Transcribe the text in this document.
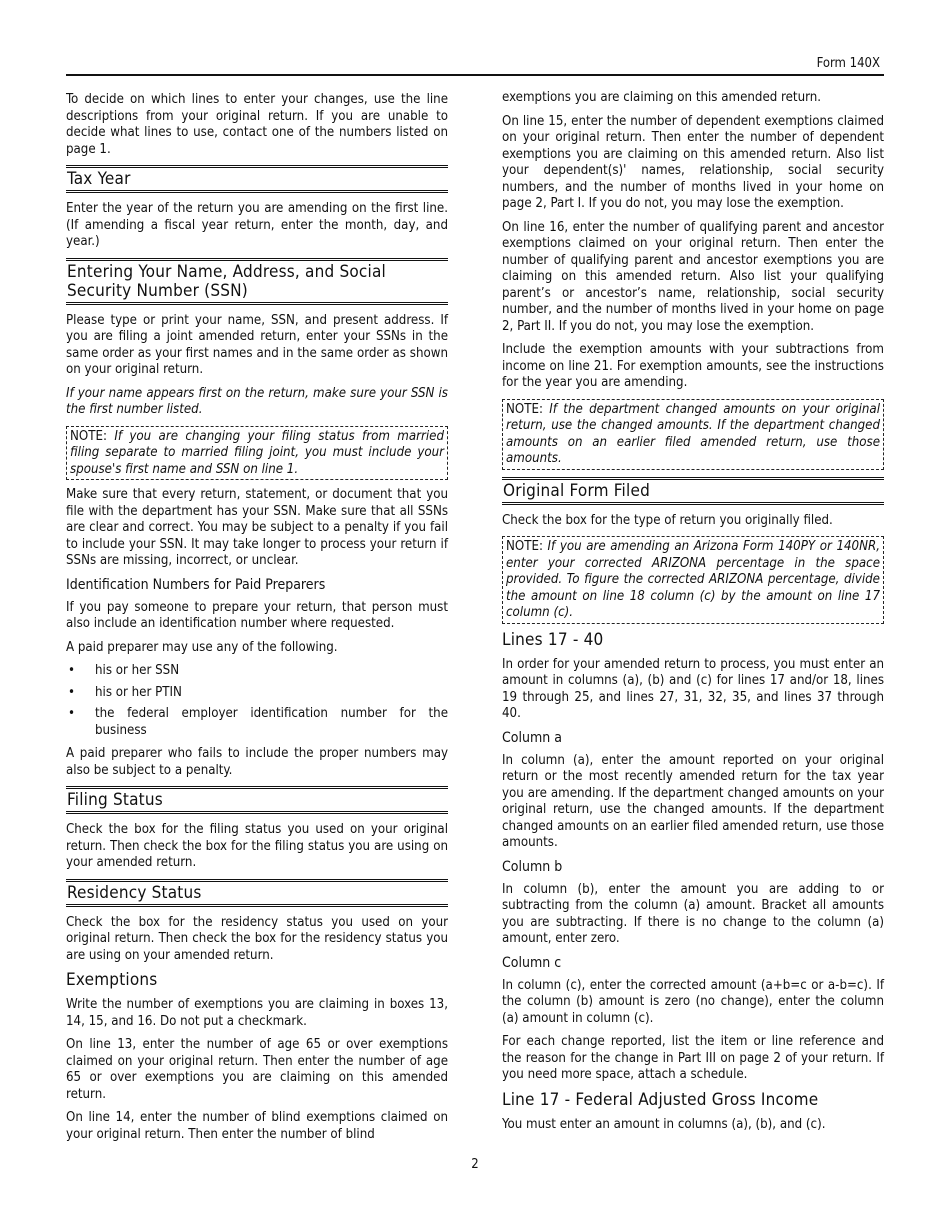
Form 140X

To decide on which lines to enter your changes, use the line descriptions from your original return. If you are unable to decide what lines to use, contact one of the numbers listed on page 1.

Tax Year

Enter the year of the return you are amending on the first line. (If amending a fiscal year return, enter the month, day, and year.)

Entering Your Name, Address, and Social Security Number (SSN)

Please type or print your name, SSN, and present address. If you are filing a joint amended return, enter your SSNs in the same order as your first names and in the same order as shown on your original return.

If your name appears first on the return, make sure your SSN is the first number listed.

NOTE: If you are changing your filing status from married filing separate to married filing joint, you must include your spouse's first name and SSN on line 1.

Make sure that every return, statement, or document that you file with the department has your SSN. Make sure that all SSNs are clear and correct. You may be subject to a penalty if you fail to include your SSN. It may take longer to process your return if SSNs are missing, incorrect, or unclear.

Identification Numbers for Paid Preparers

If you pay someone to prepare your return, that person must also include an identification number where requested.

A paid preparer may use any of the following.

• his or her SSN
• his or her PTIN
• the federal employer identification number for the business

A paid preparer who fails to include the proper numbers may also be subject to a penalty.

Filing Status

Check the box for the filing status you used on your original return. Then check the box for the filing status you are using on your amended return.

Residency Status

Check the box for the residency status you used on your original return. Then check the box for the residency status you are using on your amended return.

Exemptions

Write the number of exemptions you are claiming in boxes 13, 14, 15, and 16. Do not put a checkmark.

On line 13, enter the number of age 65 or over exemptions claimed on your original return. Then enter the number of age 65 or over exemptions you are claiming on this amended return.

On line 14, enter the number of blind exemptions claimed on your original return. Then enter the number of blind

exemptions you are claiming on this amended return.

On line 15, enter the number of dependent exemptions claimed on your original return. Then enter the number of dependent exemptions you are claiming on this amended return. Also list your dependent(s)' names, relationship, social security numbers, and the number of months lived in your home on page 2, Part I. If you do not, you may lose the exemption.

On line 16, enter the number of qualifying parent and ancestor exemptions claimed on your original return. Then enter the number of qualifying parent and ancestor exemptions you are claiming on this amended return. Also list your qualifying parent’s or ancestor’s name, relationship, social security number, and the number of months lived in your home on page 2, Part II. If you do not, you may lose the exemption.

Include the exemption amounts with your subtractions from income on line 21. For exemption amounts, see the instructions for the year you are amending.

NOTE: If the department changed amounts on your original return, use the changed amounts. If the department changed amounts on an earlier filed amended return, use those amounts.
Original Form Filed

Check the box for the type of return you originally filed.

NOTE: If you are amending an Arizona Form 140PY or 140NR, enter your corrected ARIZONA percentage in the space provided. To figure the corrected ARIZONA percentage, divide the amount on line 18 column (c) by the amount on line 17 column (c).
Lines 17 - 40

In order for your amended return to process, you must enter an amount in columns (a), (b) and (c) for lines 17 and/or 18, lines 19 through 25, and lines 27, 31, 32, 35, and lines 37 through 40.

Column a

In column (a), enter the amount reported on your original return or the most recently amended return for the tax year you are amending. If the department changed amounts on your original return, use the changed amounts. If the department changed amounts on an earlier filed amended return, use those amounts.

Column b

In column (b), enter the amount you are adding to or subtracting from the column (a) amount. Bracket all amounts you are subtracting. If there is no change to the column (a) amount, enter zero.

Column c

In column (c), enter the corrected amount (a+b=c or a-b=c). If the column (b) amount is zero (no change), enter the column (a) amount in column (c).

For each change reported, list the item or line reference and the reason for the change in Part III on page 2 of your return. If you need more space, attach a schedule.

Line 17 - Federal Adjusted Gross Income

You must enter an amount in columns (a), (b), and (c).

2
